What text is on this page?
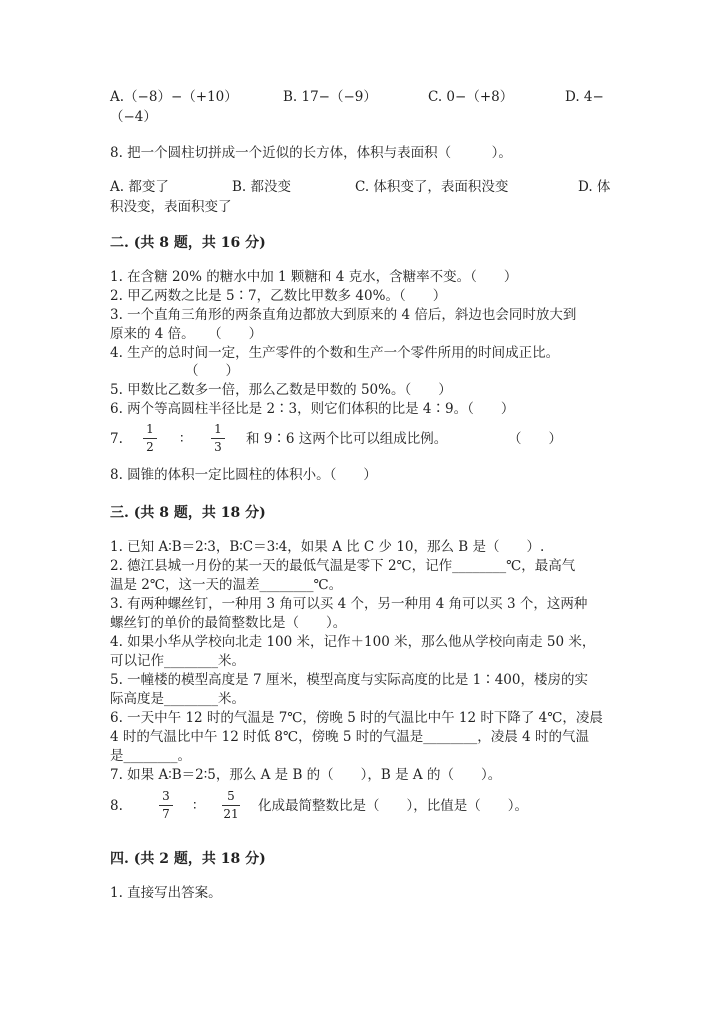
A.（−8）−（+10）	B. 17−（−9）	C. 0−（+8）	D. 4−
（−4）
8. 把一个圆柱切拼成一个近似的长方体，体积与表面积（　　　）。
A. 都变了	B. 都没变	C. 体积变了，表面积没变	D. 体
积没变，表面积变了
二. (共 8 题，共 16 分)
1. 在含糖 20% 的糖水中加 1 颗糖和 4 克水，含糖率不变。（　　）
2. 甲乙两数之比是 5∶7，乙数比甲数多 40%。（　　）
3. 一个直角三角形的两条直角边都放大到原来的 4 倍后，斜边也会同时放大到
原来的 4 倍。　　（　　）
4. 生产的总时间一定，生产零件的个数和生产一个零件所用的时间成正比。
（　　）
5. 甲数比乙数多一倍，那么乙数是甲数的 50%。（　　）
6. 两个等高圆柱半径比是 2∶3，则它们体积的比是 4∶9。（　　）
7.
1
2	∶
1
3	和 9∶6 这两个比可以组成比例。	（　　）
8. 圆锥的体积一定比圆柱的体积小。（　　）
三. (共 8 题，共 18 分)
1. 已知 A∶B＝2∶3，B∶C＝3∶4，如果 A 比 C 少 10，那么 B 是（　　）.
2. 德江县城一月份的某一天的最低气温是零下 2℃，记作________℃，最高气
温是 2℃，这一天的温差________℃。
3. 有两种螺丝钉，一种用 3 角可以买 4 个，另一种用 4 角可以买 3 个，这两种
螺丝钉的单价的最简整数比是（　　）。
4. 如果小华从学校向北走 100 米，记作＋100 米，那么他从学校向南走 50 米，
可以记作________米。
5. 一幢楼的模型高度是 7 厘米，模型高度与实际高度的比是 1∶400，楼房的实
际高度是________米。
6. 一天中午 12 时的气温是 7℃，傍晚 5 时的气温比中午 12 时下降了 4℃，凌晨
4 时的气温比中午 12 时低 8℃，傍晚 5 时的气温是________，凌晨 4 时的气温
是________。
7. 如果 A∶B＝2∶5，那么 A 是 B 的（　　），B 是 A 的（　　）。
8.
3
7	∶
5
21 化成最简整数比是（　　），比值是（　　）。
四. (共 2 题，共 18 分)
1. 直接写出答案。
